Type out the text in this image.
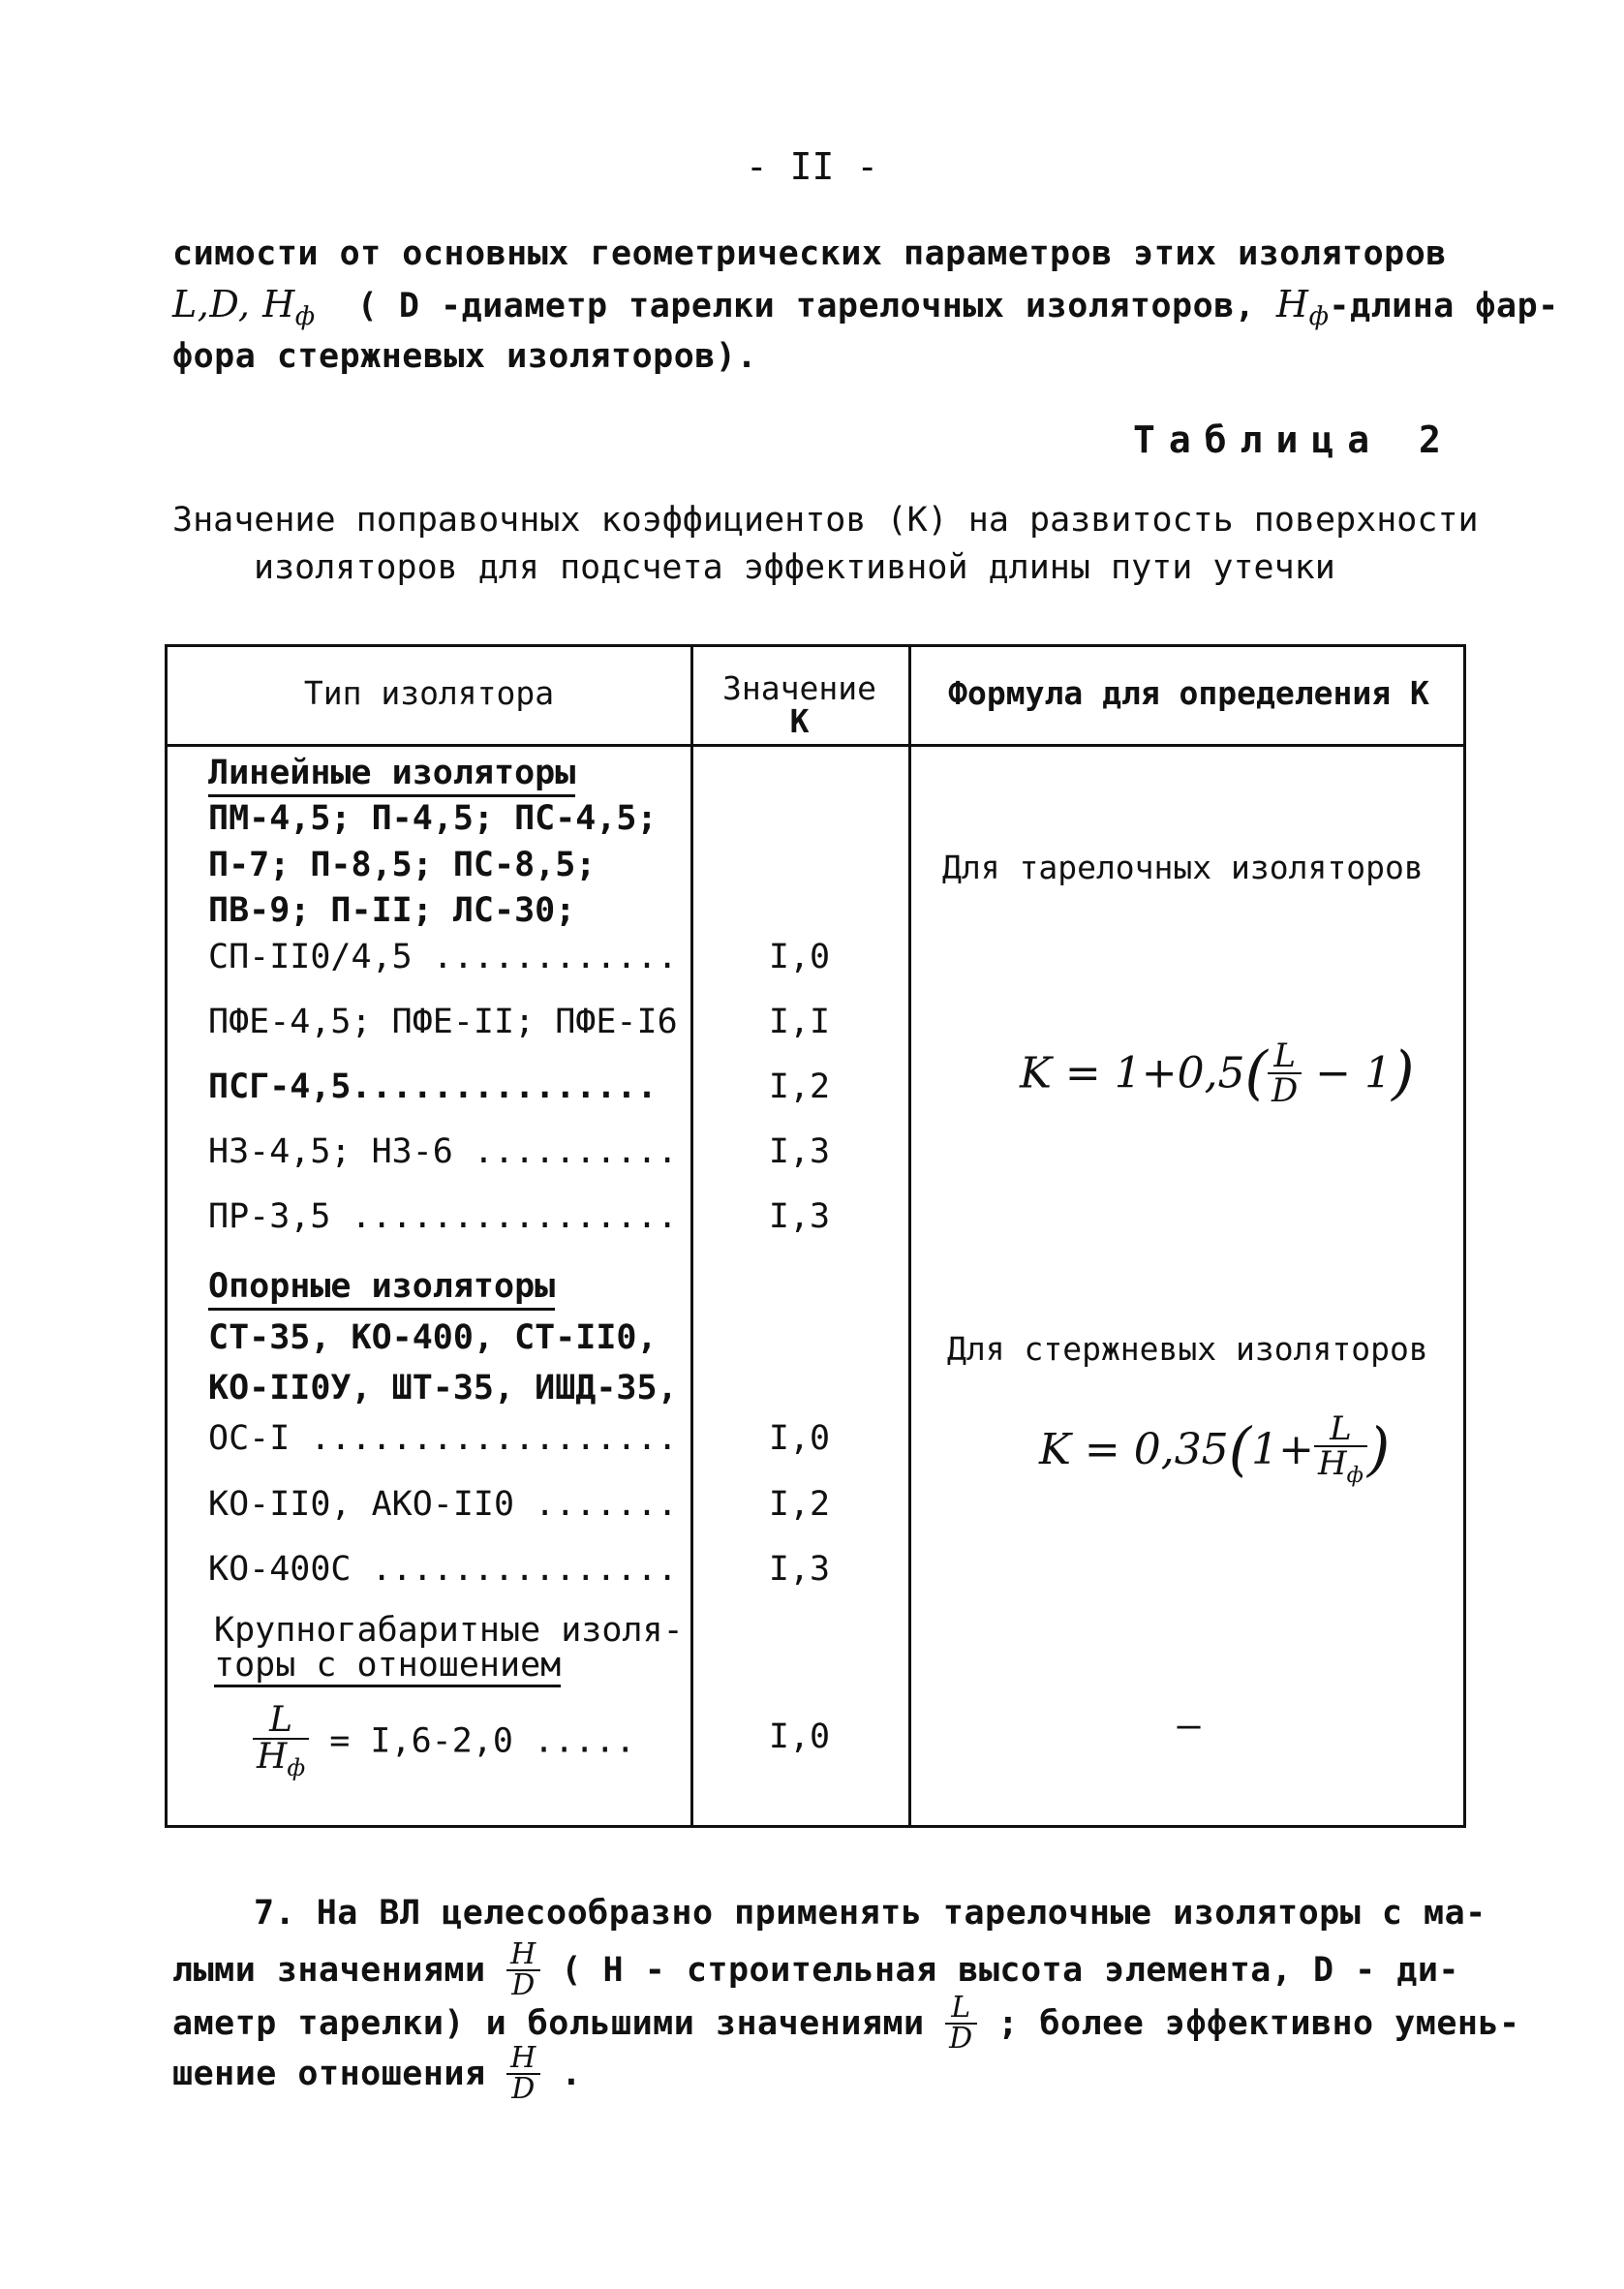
- II -
симости от основных геометрических параметров этих изоляторов
L,D, $H_ф$ ( D -диаметр тарелки тарелочных изоляторов, $H_ф$-длина фар-
фора стержневых изоляторов).
Таблица 2
Значение поправочных коэффициентов (К) на развитость поверхности
изоляторов для подсчета эффективной длины пути утечки
Тип изолятора	Значение
К
Формула для определения К
Линейные изоляторы
ПМ-4,5; П-4,5; ПС-4,5;
П-7; П-8,5; ПС-8,5;
ПВ-9; П-II; ЛС-30;
СП-II0/4,5 ............
ПФЕ-4,5; ПФЕ-II; ПФЕ-I6
ПСГ-4,5...............
НЗ-4,5; НЗ-6 ..........
ПР-3,5 ................
Опорные изоляторы
СТ-35, КО-400, СТ-II0,
КО-II0У, ШТ-35, ИШД-35,
ОС-I ..................
КО-II0, АКО-II0 .......
КО-400С ...............
Крупногабаритные изоля-
торы с отношением
$\frac{L}{H_ф} = I,6-2,0$ .....
I,0
I,I
I,2
I,3
I,3
I,0
I,2
I,3
I,0
Для тарелочных изоляторов
$K = 1+0,5( \frac{L}{D} - 1)$
Для стержневых изоляторов
$K = 0,35(1+ \frac{L}{H_ф}$ )
—
7. На ВЛ целесообразно применять тарелочные изоляторы с ма-
лыми значениями $\frac{H}{D}$ ( H - строительная высота элемента, D - ди-
аметр тарелки) и большими значениями $\frac{L}{D}$ ; более эффективно умень-
шение отношения $\frac{H}{D}$ .
